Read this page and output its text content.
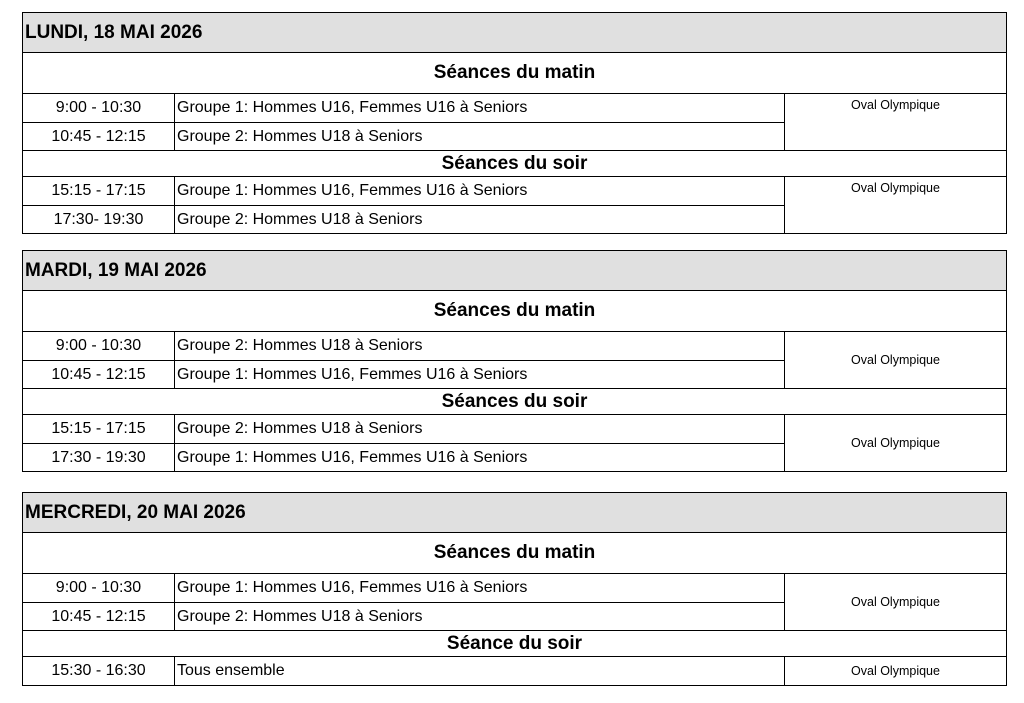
LUNDI, 18 MAI 2026
Séances du matin
9:00 - 10:30	Groupe 1: Hommes U16, Femmes U16 à Seniors
10:45 - 12:15	Groupe 2: Hommes U18 à Seniors
Oval Olympique
Séances du soir
15:15 - 17:15	Groupe 1: Hommes U16, Femmes U16 à Seniors
17:30- 19:30	Groupe 2: Hommes U18 à Seniors
Oval Olympique
MARDI, 19 MAI 2026
Séances du matin
9:00 - 10:30	Groupe 2: Hommes U18 à Seniors
10:45 - 12:15	Groupe 1: Hommes U16, Femmes U16 à Seniors
Oval Olympique
Séances du soir
15:15 - 17:15	Groupe 2: Hommes U18 à Seniors
17:30 - 19:30	Groupe 1: Hommes U16, Femmes U16 à Seniors
Oval Olympique
MERCREDI, 20 MAI 2026
Séances du matin
9:00 - 10:30	Groupe 1: Hommes U16, Femmes U16 à Seniors
10:45 - 12:15	Groupe 2: Hommes U18 à Seniors
Oval Olympique
Séance du soir
15:30 - 16:30	Tous ensemble	Oval Olympique
